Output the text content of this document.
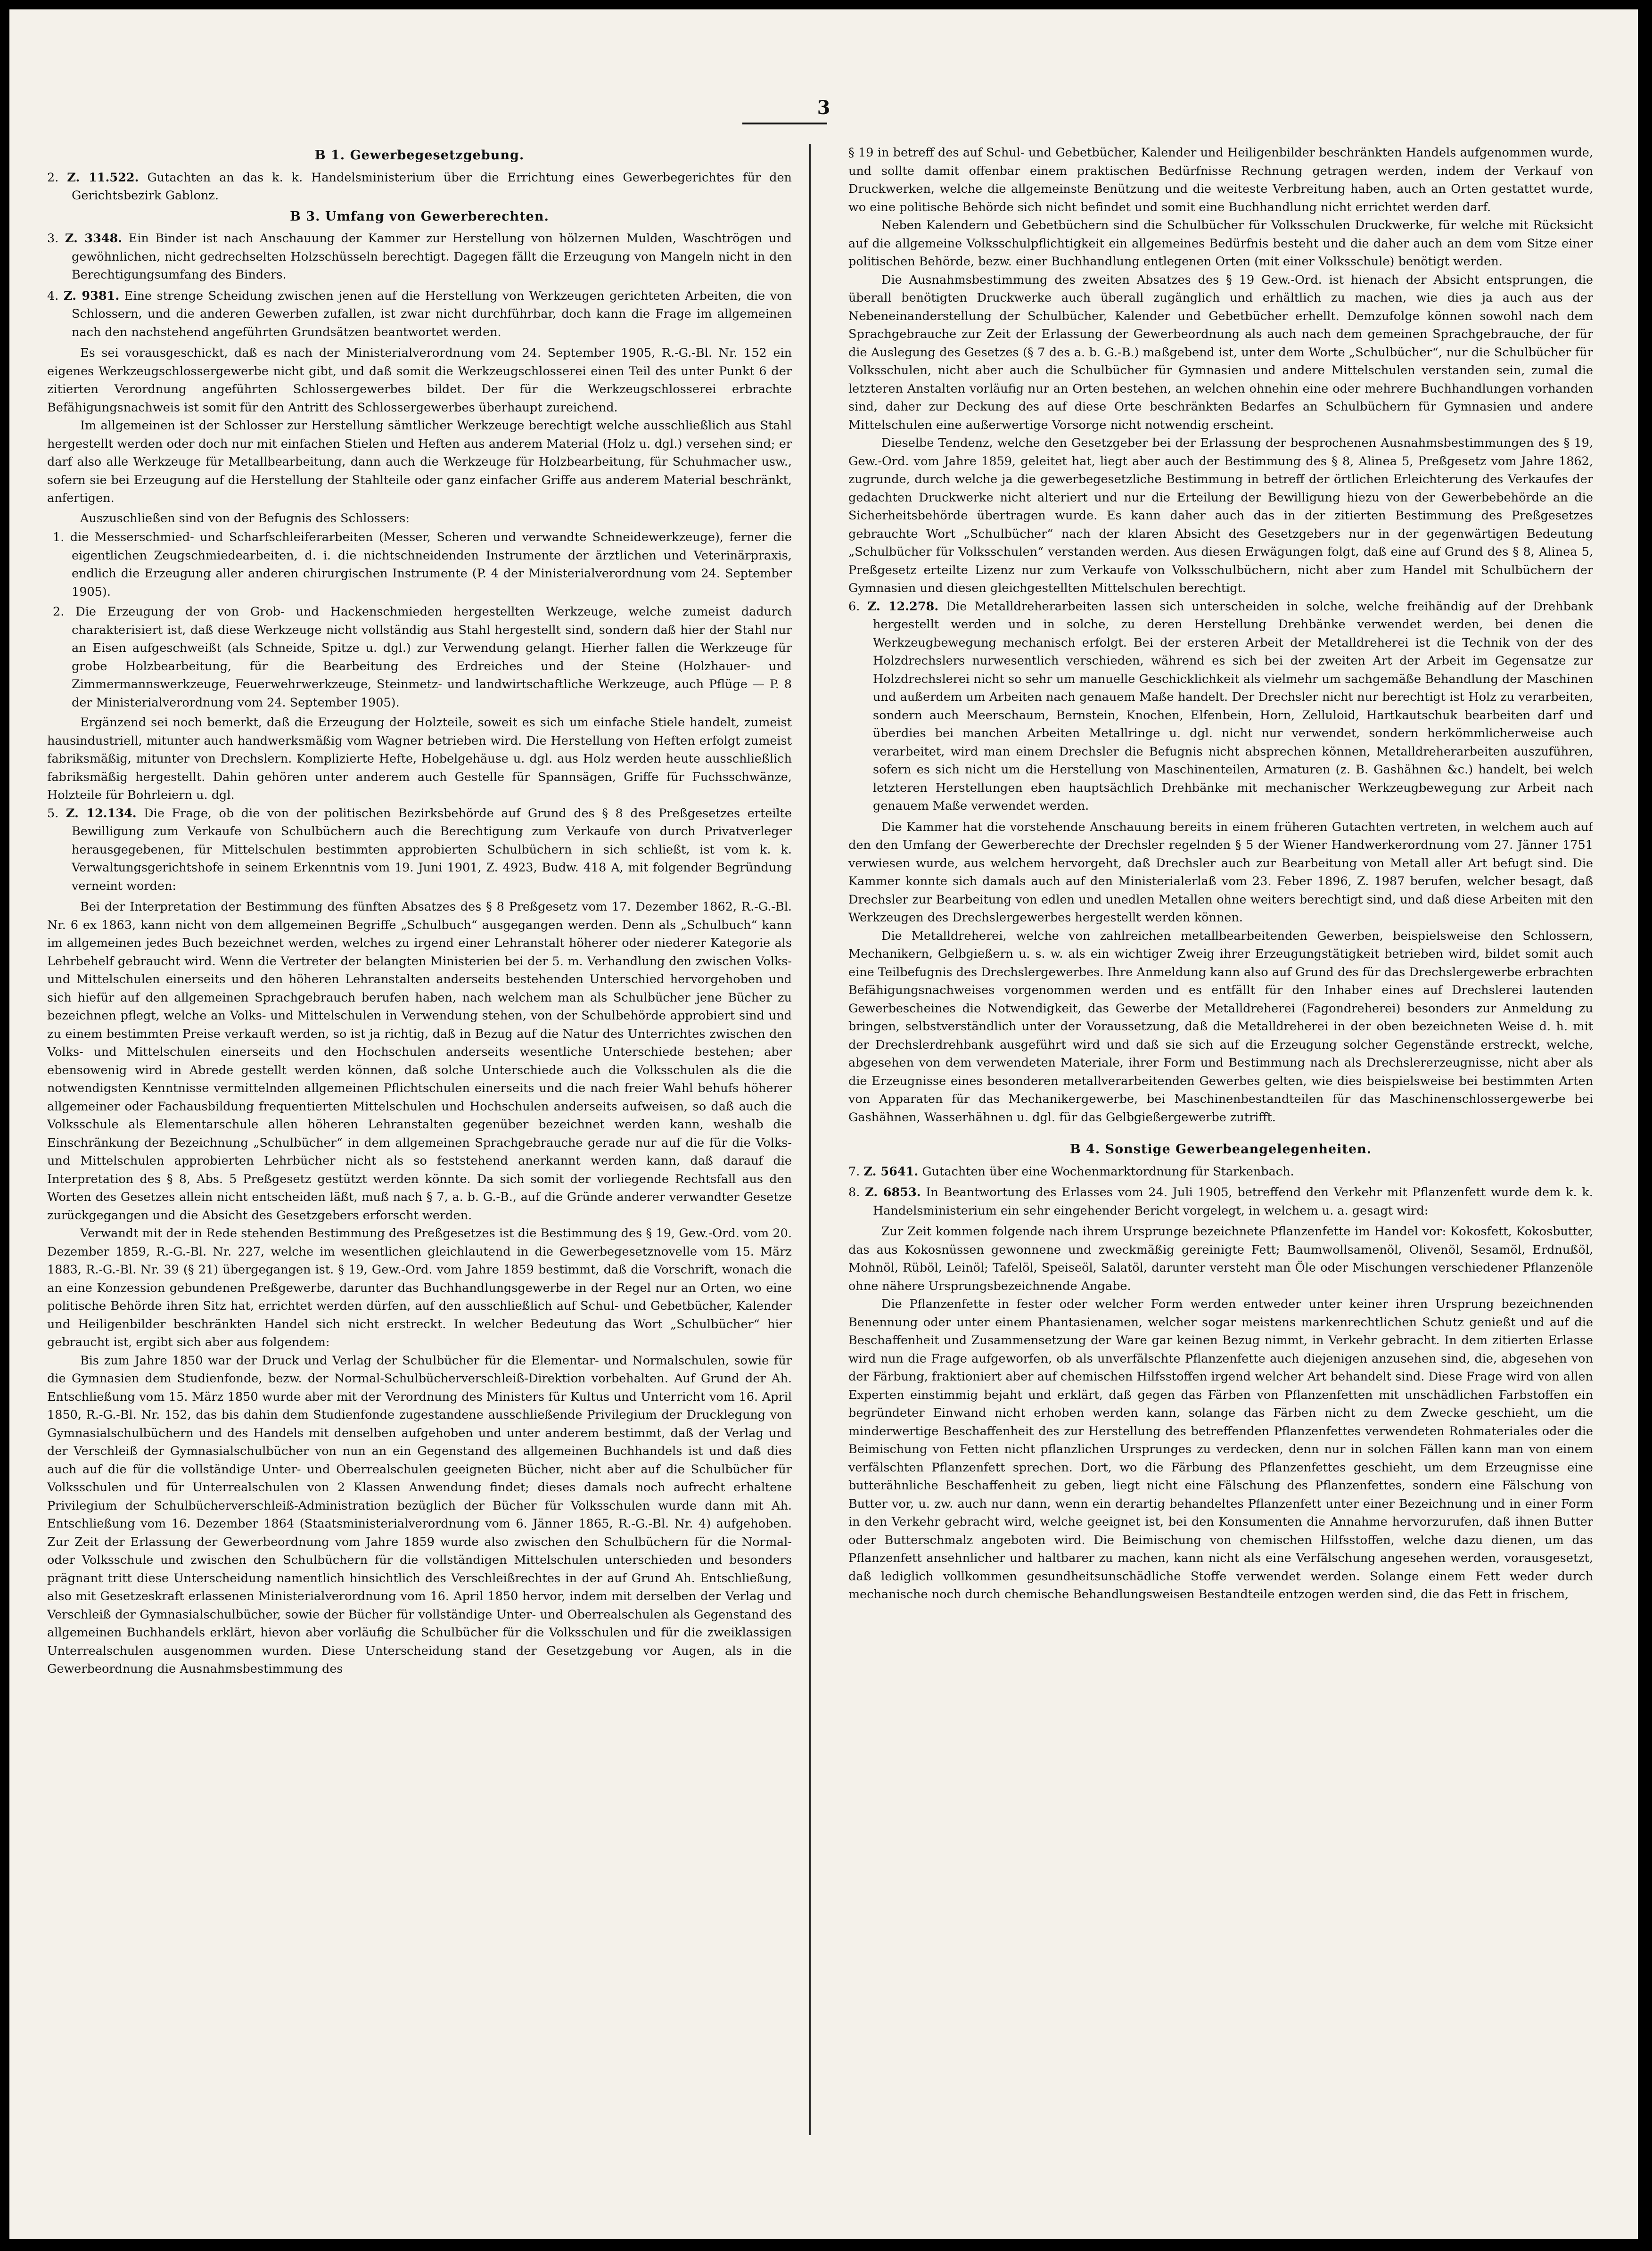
3
B 1. Gewerbegesetzgebung.

2. Z. 11.522. Gutachten an das k. k. Handelsministerium über die Errichtung eines Gewerbegerichtes für den Gerichtsbezirk Gablonz.

B 3. Umfang von Gewerberechten.

3. Z. 3348. Ein Binder ist nach Anschauung der Kammer zur Herstellung von hölzernen Mulden, Waschtrögen und gewöhnlichen, nicht gedrechselten Holzschüsseln berechtigt. Dagegen fällt die Erzeugung von Mangeln nicht in den Berechtigungsumfang des Binders.

4. Z. 9381. Eine strenge Scheidung zwischen jenen auf die Herstellung von Werkzeugen gerichteten Arbeiten, die von Schlossern, und die anderen Gewerben zufallen, ist zwar nicht durchführbar, doch kann die Frage im allgemeinen nach den nachstehend angeführten Grundsätzen beantwortet werden.

Es sei vorausgeschickt, daß es nach der Ministerialverordnung vom 24. September 1905, R.-G.-Bl. Nr. 152 ein eigenes Werkzeugschlossergewerbe nicht gibt, und daß somit die Werkzeugschlosserei einen Teil des unter Punkt 6 der zitierten Verordnung angeführten Schlossergewerbes bildet. Der für die Werkzeugschlosserei erbrachte Befähigungsnachweis ist somit für den Antritt des Schlossergewerbes überhaupt zureichend.

Im allgemeinen ist der Schlosser zur Herstellung sämtlicher Werkzeuge berechtigt welche ausschließlich aus Stahl hergestellt werden oder doch nur mit einfachen Stielen und Heften aus anderem Material (Holz u. dgl.) versehen sind; er darf also alle Werkzeuge für Metallbearbeitung, dann auch die Werkzeuge für Holzbearbeitung, für Schuhmacher usw., sofern sie bei Erzeugung auf die Herstellung der Stahlteile oder ganz einfacher Griffe aus anderem Material beschränkt, anfertigen.

Auszuschließen sind von der Befugnis des Schlossers:

1. die Messerschmied- und Scharfschleiferarbeiten (Messer, Scheren und verwandte Schneidewerkzeuge), ferner die eigentlichen Zeugschmiedearbeiten, d. i. die nichtschneidenden Instrumente der ärztlichen und Veterinärpraxis, endlich die Erzeugung aller anderen chirurgischen Instrumente (P. 4 der Ministerialverordnung vom 24. September 1905).

2. Die Erzeugung der von Grob- und Hackenschmieden hergestellten Werkzeuge, welche zumeist dadurch charakterisiert ist, daß diese Werkzeuge nicht vollständig aus Stahl hergestellt sind, sondern daß hier der Stahl nur an Eisen aufgeschweißt (als Schneide, Spitze u. dgl.) zur Verwendung gelangt. Hierher fallen die Werkzeuge für grobe Holzbearbeitung, für die Bearbeitung des Erdreiches und der Steine (Holzhauer- und Zimmermannswerkzeuge, Feuerwehrwerkzeuge, Steinmetz- und landwirtschaftliche Werkzeuge, auch Pflüge — P. 8 der Ministerialverordnung vom 24. September 1905).

Ergänzend sei noch bemerkt, daß die Erzeugung der Holzteile, soweit es sich um einfache Stiele handelt, zumeist hausindustriell, mitunter auch handwerksmäßig vom Wagner betrieben wird. Die Herstellung von Heften erfolgt zumeist fabriksmäßig, mitunter von Drechslern. Komplizierte Hefte, Hobelgehäuse u. dgl. aus Holz werden heute ausschließlich fabriksmäßig hergestellt. Dahin gehören unter anderem auch Gestelle für Spannsägen, Griffe für Fuchsschwänze, Holzteile für Bohrleiern u. dgl.

5. Z. 12.134. Die Frage, ob die von der politischen Bezirksbehörde auf Grund des § 8 des Preßgesetzes erteilte Bewilligung zum Verkaufe von Schulbüchern auch die Berechtigung zum Verkaufe von durch Privatverleger herausgegebenen, für Mittelschulen bestimmten approbierten Schulbüchern in sich schließt, ist vom k. k. Verwaltungsgerichtshofe in seinem Erkenntnis vom 19. Juni 1901, Z. 4923, Budw. 418 A, mit folgender Begründung verneint worden:

Bei der Interpretation der Bestimmung des fünften Absatzes des § 8 Preßgesetz vom 17. Dezember 1862, R.-G.-Bl. Nr. 6 ex 1863, kann nicht von dem allgemeinen Begriffe „Schulbuch“ ausgegangen werden. Denn als „Schulbuch“ kann im allgemeinen jedes Buch bezeichnet werden, welches zu irgend einer Lehranstalt höherer oder niederer Kategorie als Lehrbehelf gebraucht wird. Wenn die Vertreter der belangten Ministerien bei der 5. m. Verhandlung den zwischen Volks- und Mittelschulen einerseits und den höheren Lehranstalten anderseits bestehenden Unterschied hervorgehoben und sich hiefür auf den allgemeinen Sprachgebrauch berufen haben, nach welchem man als Schulbücher jene Bücher zu bezeichnen pflegt, welche an Volks- und Mittelschulen in Verwendung stehen, von der Schulbehörde approbiert sind und zu einem bestimmten Preise verkauft werden, so ist ja richtig, daß in Bezug auf die Natur des Unterrichtes zwischen den Volks- und Mittelschulen einerseits und den Hochschulen anderseits wesentliche Unterschiede bestehen; aber ebensowenig wird in Abrede gestellt werden können, daß solche Unterschiede auch die Volksschulen als die die notwendigsten Kenntnisse vermittelnden allgemeinen Pflichtschulen einerseits und die nach freier Wahl behufs höherer allgemeiner oder Fachausbildung frequentierten Mittelschulen und Hochschulen anderseits aufweisen, so daß auch die Volksschule als Elementarschule allen höheren Lehranstalten gegenüber bezeichnet werden kann, weshalb die Einschränkung der Bezeichnung „Schulbücher“ in dem allgemeinen Sprachgebrauche gerade nur auf die für die Volks- und Mittelschulen approbierten Lehrbücher nicht als so feststehend anerkannt werden kann, daß darauf die Interpretation des § 8, Abs. 5 Preßgesetz gestützt werden könnte. Da sich somit der vorliegende Rechtsfall aus den Worten des Gesetzes allein nicht entscheiden läßt, muß nach § 7, a. b. G.-B., auf die Gründe anderer verwandter Gesetze zurückgegangen und die Absicht des Gesetzgebers erforscht werden.

Verwandt mit der in Rede stehenden Bestimmung des Preßgesetzes ist die Bestimmung des § 19, Gew.-Ord. vom 20. Dezember 1859, R.-G.-Bl. Nr. 227, welche im wesentlichen gleichlautend in die Gewerbegesetznovelle vom 15. März 1883, R.-G.-Bl. Nr. 39 (§ 21) übergegangen ist. § 19, Gew.-Ord. vom Jahre 1859 bestimmt, daß die Vorschrift, wonach die an eine Konzession gebundenen Preßgewerbe, darunter das Buchhandlungsgewerbe in der Regel nur an Orten, wo eine politische Behörde ihren Sitz hat, errichtet werden dürfen, auf den ausschließlich auf Schul- und Gebetbücher, Kalender und Heiligenbilder beschränkten Handel sich nicht erstreckt. In welcher Bedeutung das Wort „Schulbücher“ hier gebraucht ist, ergibt sich aber aus folgendem:

Bis zum Jahre 1850 war der Druck und Verlag der Schulbücher für die Elementar- und Normalschulen, sowie für die Gymnasien dem Studienfonde, bezw. der Normal-Schulbücherverschleiß-Direktion vorbehalten. Auf Grund der Ah. Entschließung vom 15. März 1850 wurde aber mit der Verordnung des Ministers für Kultus und Unterricht vom 16. April 1850, R.-G.-Bl. Nr. 152, das bis dahin dem Studienfonde zugestandene ausschließende Privilegium der Drucklegung von Gymnasialschulbüchern und des Handels mit denselben aufgehoben und unter anderem bestimmt, daß der Verlag und der Verschleiß der Gymnasialschulbücher von nun an ein Gegenstand des allgemeinen Buchhandels ist und daß dies auch auf die für die vollständige Unter- und Oberrealschulen geeigneten Bücher, nicht aber auf die Schulbücher für Volksschulen und für Unterrealschulen von 2 Klassen Anwendung findet; dieses damals noch aufrecht erhaltene Privilegium der Schulbücherverschleiß-Administration bezüglich der Bücher für Volksschulen wurde dann mit Ah. Entschließung vom 16. Dezember 1864 (Staatsministerialverordnung vom 6. Jänner 1865, R.-G.-Bl. Nr. 4) aufgehoben. Zur Zeit der Erlassung der Gewerbeordnung vom Jahre 1859 wurde also zwischen den Schulbüchern für die Normal- oder Volksschule und zwischen den Schulbüchern für die vollständigen Mittelschulen unterschieden und besonders prägnant tritt diese Unterscheidung namentlich hinsichtlich des Verschleißrechtes in der auf Grund Ah. Entschließung, also mit Gesetzeskraft erlassenen Ministerialverordnung vom 16. April 1850 hervor, indem mit derselben der Verlag und Verschleiß der Gymnasialschulbücher, sowie der Bücher für vollständige Unter- und Oberrealschulen als Gegenstand des allgemeinen Buchhandels erklärt, hievon aber vorläufig die Schulbücher für die Volksschulen und für die zweiklassigen Unterrealschulen ausgenommen wurden. Diese Unterscheidung stand der Gesetzgebung vor Augen, als in die Gewerbeordnung die Ausnahmsbestimmung des

§ 19 in betreff des auf Schul- und Gebetbücher, Kalender und Heiligenbilder beschränkten Handels aufgenommen wurde, und sollte damit offenbar einem praktischen Bedürfnisse Rechnung getragen werden, indem der Verkauf von Druckwerken, welche die allgemeinste Benützung und die weiteste Verbreitung haben, auch an Orten gestattet wurde, wo eine politische Behörde sich nicht befindet und somit eine Buchhandlung nicht errichtet werden darf.

Neben Kalendern und Gebetbüchern sind die Schulbücher für Volksschulen Druckwerke, für welche mit Rücksicht auf die allgemeine Volksschulpflichtigkeit ein allgemeines Bedürfnis besteht und die daher auch an dem vom Sitze einer politischen Behörde, bezw. einer Buchhandlung entlegenen Orten (mit einer Volksschule) benötigt werden.

Die Ausnahmsbestimmung des zweiten Absatzes des § 19 Gew.-Ord. ist hienach der Absicht entsprungen, die überall benötigten Druckwerke auch überall zugänglich und erhältlich zu machen, wie dies ja auch aus der Nebeneinanderstellung der Schulbücher, Kalender und Gebetbücher erhellt. Demzufolge können sowohl nach dem Sprachgebrauche zur Zeit der Erlassung der Gewerbeordnung als auch nach dem gemeinen Sprachgebrauche, der für die Auslegung des Gesetzes (§ 7 des a. b. G.-B.) maßgebend ist, unter dem Worte „Schulbücher“, nur die Schulbücher für Volksschulen, nicht aber auch die Schulbücher für Gymnasien und andere Mittelschulen verstanden sein, zumal die letzteren Anstalten vorläufig nur an Orten bestehen, an welchen ohnehin eine oder mehrere Buchhandlungen vorhanden sind, daher zur Deckung des auf diese Orte beschränkten Bedarfes an Schulbüchern für Gymnasien und andere Mittelschulen eine außerwertige Vorsorge nicht notwendig erscheint.

Dieselbe Tendenz, welche den Gesetzgeber bei der Erlassung der besprochenen Ausnahmsbestimmungen des § 19, Gew.-Ord. vom Jahre 1859, geleitet hat, liegt aber auch der Bestimmung des § 8, Alinea 5, Preßgesetz vom Jahre 1862, zugrunde, durch welche ja die gewerbegesetzliche Bestimmung in betreff der örtlichen Erleichterung des Verkaufes der gedachten Druckwerke nicht alteriert und nur die Erteilung der Bewilligung hiezu von der Gewerbebehörde an die Sicherheitsbehörde übertragen wurde. Es kann daher auch das in der zitierten Bestimmung des Preßgesetzes gebrauchte Wort „Schulbücher“ nach der klaren Absicht des Gesetzgebers nur in der gegenwärtigen Bedeutung „Schulbücher für Volksschulen“ verstanden werden. Aus diesen Erwägungen folgt, daß eine auf Grund des § 8, Alinea 5, Preßgesetz erteilte Lizenz nur zum Verkaufe von Volksschulbüchern, nicht aber zum Handel mit Schulbüchern der Gymnasien und diesen gleichgestellten Mittelschulen berechtigt.

6. Z. 12.278. Die Metalldreherarbeiten lassen sich unterscheiden in solche, welche freihändig auf der Drehbank hergestellt werden und in solche, zu deren Herstellung Drehbänke verwendet werden, bei denen die Werkzeugbewegung mechanisch erfolgt. Bei der ersteren Arbeit der Metalldreherei ist die Technik von der des Holzdrechslers nurwesentlich verschieden, während es sich bei der zweiten Art der Arbeit im Gegensatze zur Holzdrechslerei nicht so sehr um manuelle Geschicklichkeit als vielmehr um sachgemäße Behandlung der Maschinen und außerdem um Arbeiten nach genauem Maße handelt. Der Drechsler nicht nur berechtigt ist Holz zu verarbeiten, sondern auch Meerschaum, Bernstein, Knochen, Elfenbein, Horn, Zelluloid, Hartkautschuk bearbeiten darf und überdies bei manchen Arbeiten Metallringe u. dgl. nicht nur verwendet, sondern herkömmlicherweise auch verarbeitet, wird man einem Drechsler die Befugnis nicht absprechen können, Metalldreherarbeiten auszuführen, sofern es sich nicht um die Herstellung von Maschinenteilen, Armaturen (z. B. Gashähnen &c.) handelt, bei welch letzteren Herstellungen eben hauptsächlich Drehbänke mit mechanischer Werkzeugbewegung zur Arbeit nach genauem Maße verwendet werden.

Die Kammer hat die vorstehende Anschauung bereits in einem früheren Gutachten vertreten, in welchem auch auf den den Umfang der Gewerberechte der Drechsler regelnden § 5 der Wiener Handwerkerordnung vom 27. Jänner 1751 verwiesen wurde, aus welchem hervorgeht, daß Drechsler auch zur Bearbeitung von Metall aller Art befugt sind. Die Kammer konnte sich damals auch auf den Ministerialerlaß vom 23. Feber 1896, Z. 1987 berufen, welcher besagt, daß Drechsler zur Bearbeitung von edlen und unedlen Metallen ohne weiters berechtigt sind, und daß diese Arbeiten mit den Werkzeugen des Drechslergewerbes hergestellt werden können.

Die Metalldreherei, welche von zahlreichen metallbearbeitenden Gewerben, beispielsweise den Schlossern, Mechanikern, Gelbgießern u. s. w. als ein wichtiger Zweig ihrer Erzeugungstätigkeit betrieben wird, bildet somit auch eine Teilbefugnis des Drechslergewerbes. Ihre Anmeldung kann also auf Grund des für das Drechslergewerbe erbrachten Befähigungsnachweises vorgenommen werden und es entfällt für den Inhaber eines auf Drechslerei lautenden Gewerbescheines die Notwendigkeit, das Gewerbe der Metalldreherei (Fagondreherei) besonders zur Anmeldung zu bringen, selbstverständlich unter der Voraussetzung, daß die Metalldreherei in der oben bezeichneten Weise d. h. mit der Drechslerdrehbank ausgeführt wird und daß sie sich auf die Erzeugung solcher Gegenstände erstreckt, welche, abgesehen von dem verwendeten Materiale, ihrer Form und Bestimmung nach als Drechslererzeugnisse, nicht aber als die Erzeugnisse eines besonderen metallverarbeitenden Gewerbes gelten, wie dies beispielsweise bei bestimmten Arten von Apparaten für das Mechanikergewerbe, bei Maschinenbestandteilen für das Maschinenschlossergewerbe bei Gashähnen, Wasserhähnen u. dgl. für das Gelbgießergewerbe zutrifft.

B 4. Sonstige Gewerbeangelegenheiten.

7. Z. 5641. Gutachten über eine Wochenmarktordnung für Starkenbach.

8. Z. 6853. In Beantwortung des Erlasses vom 24. Juli 1905, betreffend den Verkehr mit Pflanzenfett wurde dem k. k. Handelsministerium ein sehr eingehender Bericht vorgelegt, in welchem u. a. gesagt wird:

Zur Zeit kommen folgende nach ihrem Ursprunge bezeichnete Pflanzenfette im Handel vor: Kokosfett, Kokosbutter, das aus Kokosnüssen gewonnene und zweckmäßig gereinigte Fett; Baumwollsamenöl, Olivenöl, Sesamöl, Erdnußöl, Mohnöl, Rüböl, Leinöl; Tafelöl, Speiseöl, Salatöl, darunter versteht man Öle oder Mischungen verschiedener Pflanzenöle ohne nähere Ursprungsbezeichnende Angabe.

Die Pflanzenfette in fester oder welcher Form werden entweder unter keiner ihren Ursprung bezeichnenden Benennung oder unter einem Phantasienamen, welcher sogar meistens markenrechtlichen Schutz genießt und auf die Beschaffenheit und Zusammensetzung der Ware gar keinen Bezug nimmt, in Verkehr gebracht. In dem zitierten Erlasse wird nun die Frage aufgeworfen, ob als unverfälschte Pflanzenfette auch diejenigen anzusehen sind, die, abgesehen von der Färbung, fraktioniert aber auf chemischen Hilfsstoffen irgend welcher Art behandelt sind. Diese Frage wird von allen Experten einstimmig bejaht und erklärt, daß gegen das Färben von Pflanzenfetten mit unschädlichen Farbstoffen ein begründeter Einwand nicht erhoben werden kann, solange das Färben nicht zu dem Zwecke geschieht, um die minderwertige Beschaffenheit des zur Herstellung des betreffenden Pflanzenfettes verwendeten Rohmateriales oder die Beimischung von Fetten nicht pflanzlichen Ursprunges zu verdecken, denn nur in solchen Fällen kann man von einem verfälschten Pflanzenfett sprechen. Dort, wo die Färbung des Pflanzenfettes geschieht, um dem Erzeugnisse eine butterähnliche Beschaffenheit zu geben, liegt nicht eine Fälschung des Pflanzenfettes, sondern eine Fälschung von Butter vor, u. zw. auch nur dann, wenn ein derartig behandeltes Pflanzenfett unter einer Bezeichnung und in einer Form in den Verkehr gebracht wird, welche geeignet ist, bei den Konsumenten die Annahme hervorzurufen, daß ihnen Butter oder Butterschmalz angeboten wird. Die Beimischung von chemischen Hilfsstoffen, welche dazu dienen, um das Pflanzenfett ansehnlicher und haltbarer zu machen, kann nicht als eine Verfälschung angesehen werden, vorausgesetzt, daß lediglich vollkommen gesundheitsunschädliche Stoffe verwendet werden. Solange einem Fett weder durch mechanische noch durch chemische Behandlungsweisen Bestandteile entzogen werden sind, die das Fett in frischem,
